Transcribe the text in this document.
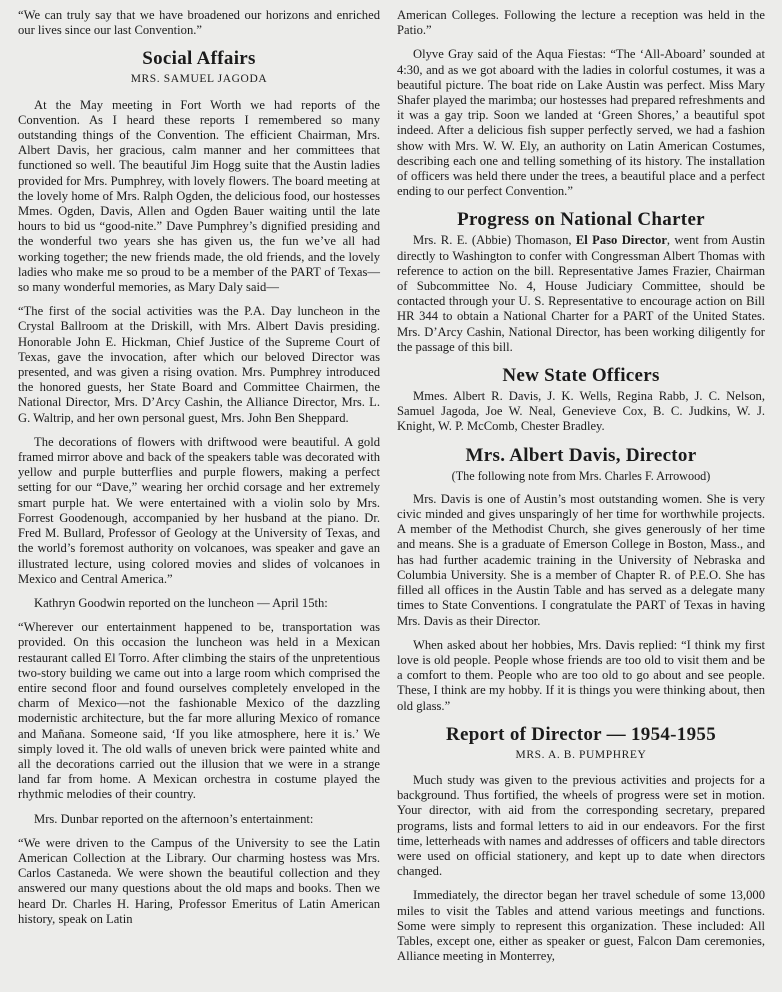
“We can truly say that we have broadened our horizons and enriched our lives since our last Convention.”

Social Affairs
MRS. SAMUEL JAGODA

At the May meeting in Fort Worth we had reports of the Convention. As I heard these reports I remembered so many outstanding things of the Convention. The efficient Chairman, Mrs. Albert Davis, her gracious, calm manner and her committees that functioned so well. The beautiful Jim Hogg suite that the Austin ladies provided for Mrs. Pumphrey, with lovely flowers. The board meeting at the lovely home of Mrs. Ralph Ogden, the delicious food, our hostesses Mmes. Ogden, Davis, Allen and Ogden Bauer waiting until the late hours to bid us “good-nite.” Dave Pumphrey’s dignified presiding and the wonderful two years she has given us, the fun we’ve all had working together; the new friends made, the old friends, and the lovely ladies who make me so proud to be a member of the PART of Texas—so many wonderful memories, as Mary Daly said—

“The first of the social activities was the P.A. Day luncheon in the Crystal Ballroom at the Driskill, with Mrs. Albert Davis presiding. Honorable John E. Hickman, Chief Justice of the Supreme Court of Texas, gave the invocation, after which our beloved Director was presented, and was given a rising ovation. Mrs. Pumphrey introduced the honored guests, her State Board and Committee Chairmen, the National Director, Mrs. D’Arcy Cashin, the Alliance Director, Mrs. L. G. Waltrip, and her own personal guest, Mrs. John Ben Sheppard.

The decorations of flowers with driftwood were beautiful. A gold framed mirror above and back of the speakers table was decorated with yellow and purple butterflies and purple flowers, making a perfect setting for our “Dave,” wearing her orchid corsage and her extremely smart purple hat. We were entertained with a violin solo by Mrs. Forrest Goodenough, accompanied by her husband at the piano. Dr. Fred M. Bullard, Professor of Geology at the University of Texas, and the world’s foremost authority on volcanoes, was speaker and gave an illustrated lecture, using colored movies and slides of volcanoes in Mexico and Central America.”

Kathryn Goodwin reported on the luncheon — April 15th:

“Wherever our entertainment happened to be, transportation was provided. On this occasion the luncheon was held in a Mexican restaurant called El Torro. After climbing the stairs of the unpretentious two-story building we came out into a large room which comprised the entire second floor and found ourselves completely enveloped in the charm of Mexico—not the fashionable Mexico of the dazzling modernistic architecture, but the far more alluring Mexico of romance and Mañana. Someone said, ‘If you like atmosphere, here it is.’ We simply loved it. The old walls of uneven brick were painted white and all the decorations carried out the illusion that we were in a strange land far from home. A Mexican orchestra in costume played the rhythmic melodies of their country.

Mrs. Dunbar reported on the afternoon’s entertainment:

“We were driven to the Campus of the University to see the Latin American Collection at the Library. Our charming hostess was Mrs. Carlos Castaneda. We were shown the beautiful collection and they answered our many questions about the old maps and books. Then we heard Dr. Charles H. Haring, Professor Emeritus of Latin American history, speak on Latin

American Colleges. Following the lecture a reception was held in the Patio.”

Olyve Gray said of the Aqua Fiestas: “The ‘All-Aboard’ sounded at 4:30, and as we got aboard with the ladies in colorful costumes, it was a beautiful picture. The boat ride on Lake Austin was perfect. Miss Mary Shafer played the marimba; our hostesses had prepared refreshments and it was a gay trip. Soon we landed at ‘Green Shores,’ a beautiful spot indeed. After a delicious fish supper perfectly served, we had a fashion show with Mrs. W. W. Ely, an authority on Latin American Costumes, describing each one and telling something of its history. The installation of officers was held there under the trees, a beautiful place and a perfect ending to our perfect Convention.”

Progress on National Charter

Mrs. R. E. (Abbie) Thomason, El Paso Director, went from Austin directly to Washington to confer with Congressman Albert Thomas with reference to action on the bill. Representative James Frazier, Chairman of Subcommittee No. 4, House Judiciary Committee, should be contacted through your U. S. Representative to encourage action on Bill HR 344 to obtain a National Charter for a PART of the United States. Mrs. D’Arcy Cashin, National Director, has been working diligently for the passage of this bill.

New State Officers

Mmes. Albert R. Davis, J. K. Wells, Regina Rabb, J. C. Nelson, Samuel Jagoda, Joe W. Neal, Genevieve Cox, B. C. Judkins, W. J. Knight, W. P. McComb, Chester Bradley.

Mrs. Albert Davis, Director
(The following note from Mrs. Charles F. Arrowood)

Mrs. Davis is one of Austin’s most outstanding women. She is very civic minded and gives unsparingly of her time for worthwhile projects. A member of the Methodist Church, she gives generously of her time and means. She is a graduate of Emerson College in Boston, Mass., and has had further academic training in the University of Nebraska and Columbia University. She is a member of Chapter R. of P.E.O. She has filled all offices in the Austin Table and has served as a delegate many times to State Conventions. I congratulate the PART of Texas in having Mrs. Davis as their Director.

When asked about her hobbies, Mrs. Davis replied: “I think my first love is old people. People whose friends are too old to visit them and be a comfort to them. People who are too old to go about and see people. These, I think are my hobby. If it is things you were thinking about, then old glass.”

Report of Director — 1954-1955
MRS. A. B. PUMPHREY

Much study was given to the previous activities and projects for a background. Thus fortified, the wheels of progress were set in motion. Your director, with aid from the corresponding secretary, prepared programs, lists and formal letters to aid in our endeavors. For the first time, letterheads with names and addresses of officers and table directors were used on official stationery, and kept up to date when directors changed.

Immediately, the director began her travel schedule of some 13,000 miles to visit the Tables and attend various meetings and functions. Some were simply to represent this organization. These included: All Tables, except one, either as speaker or guest, Falcon Dam ceremonies, Alliance meeting in Monterrey,
